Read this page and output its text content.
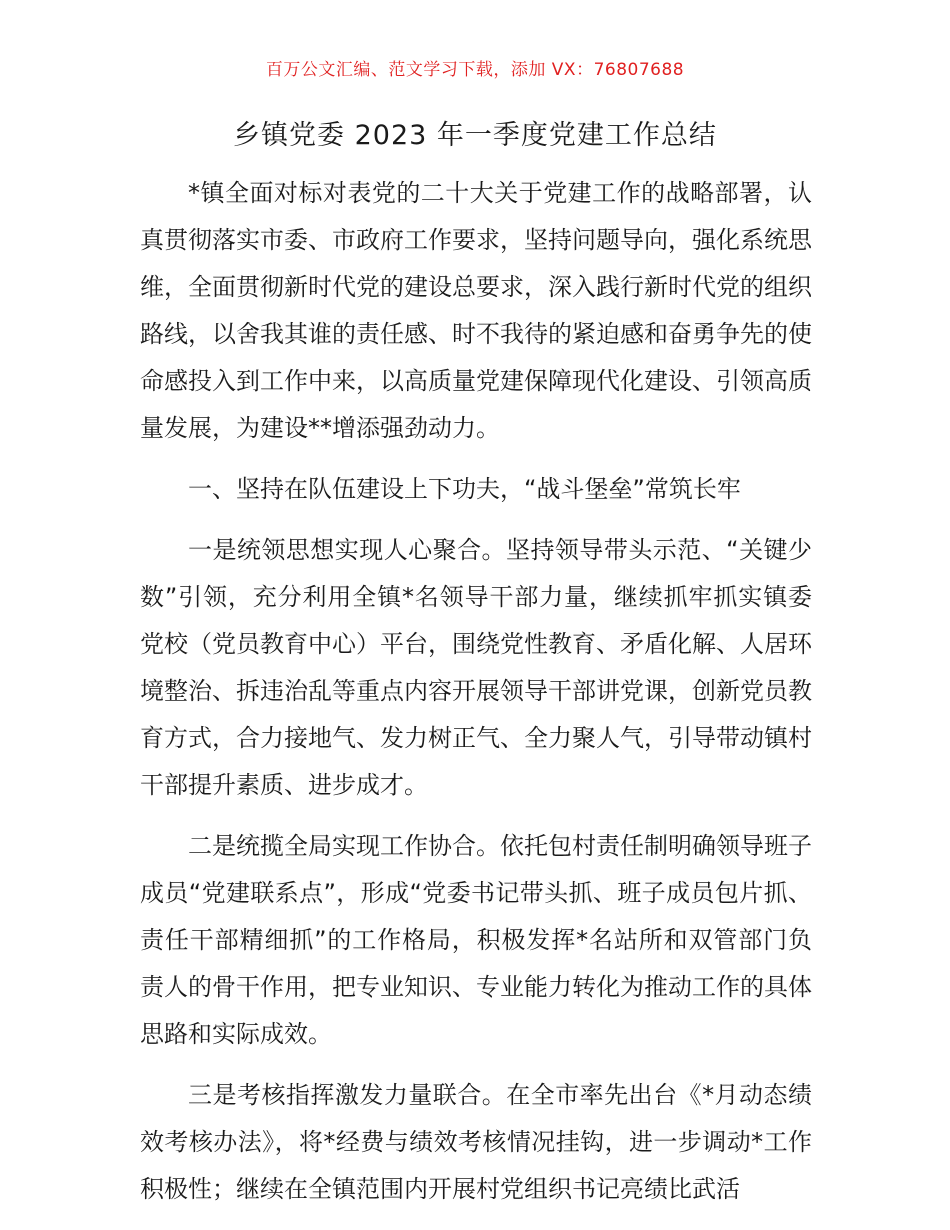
百万公文汇编、范文学习下载，添加 VX：76807688
乡镇党委 2023 年一季度党建工作总结

*镇全面对标对表党的二十大关于党建工作的战略部署，认真贯彻落实市委、市政府工作要求，坚持问题导向，强化系统思维，全面贯彻新时代党的建设总要求，深入践行新时代党的组织路线，以舍我其谁的责任感、时不我待的紧迫感和奋勇争先的使命感投入到工作中来，以高质量党建保障现代化建设、引领高质量发展，为建设**增添强劲动力。

一、坚持在队伍建设上下功夫，“战斗堡垒”常筑长牢

一是统领思想实现人心聚合。坚持领导带头示范、“关键少数”引领，充分利用全镇*名领导干部力量，继续抓牢抓实镇委党校（党员教育中心）平台，围绕党性教育、矛盾化解、人居环境整治、拆违治乱等重点内容开展领导干部讲党课，创新党员教育方式，合力接地气、发力树正气、全力聚人气，引导带动镇村干部提升素质、进步成才。

二是统揽全局实现工作协合。依托包村责任制明确领导班子成员“党建联系点”，形成“党委书记带头抓、班子成员包片抓、责任干部精细抓”的工作格局，积极发挥*名站所和双管部门负责人的骨干作用，把专业知识、专业能力转化为推动工作的具体思路和实际成效。

三是考核指挥激发力量联合。在全市率先出台《*月动态绩效考核办法》，将*经费与绩效考核情况挂钩，进一步调动*工作积极性；继续在全镇范围内开展村党组织书记亮绩比武活
